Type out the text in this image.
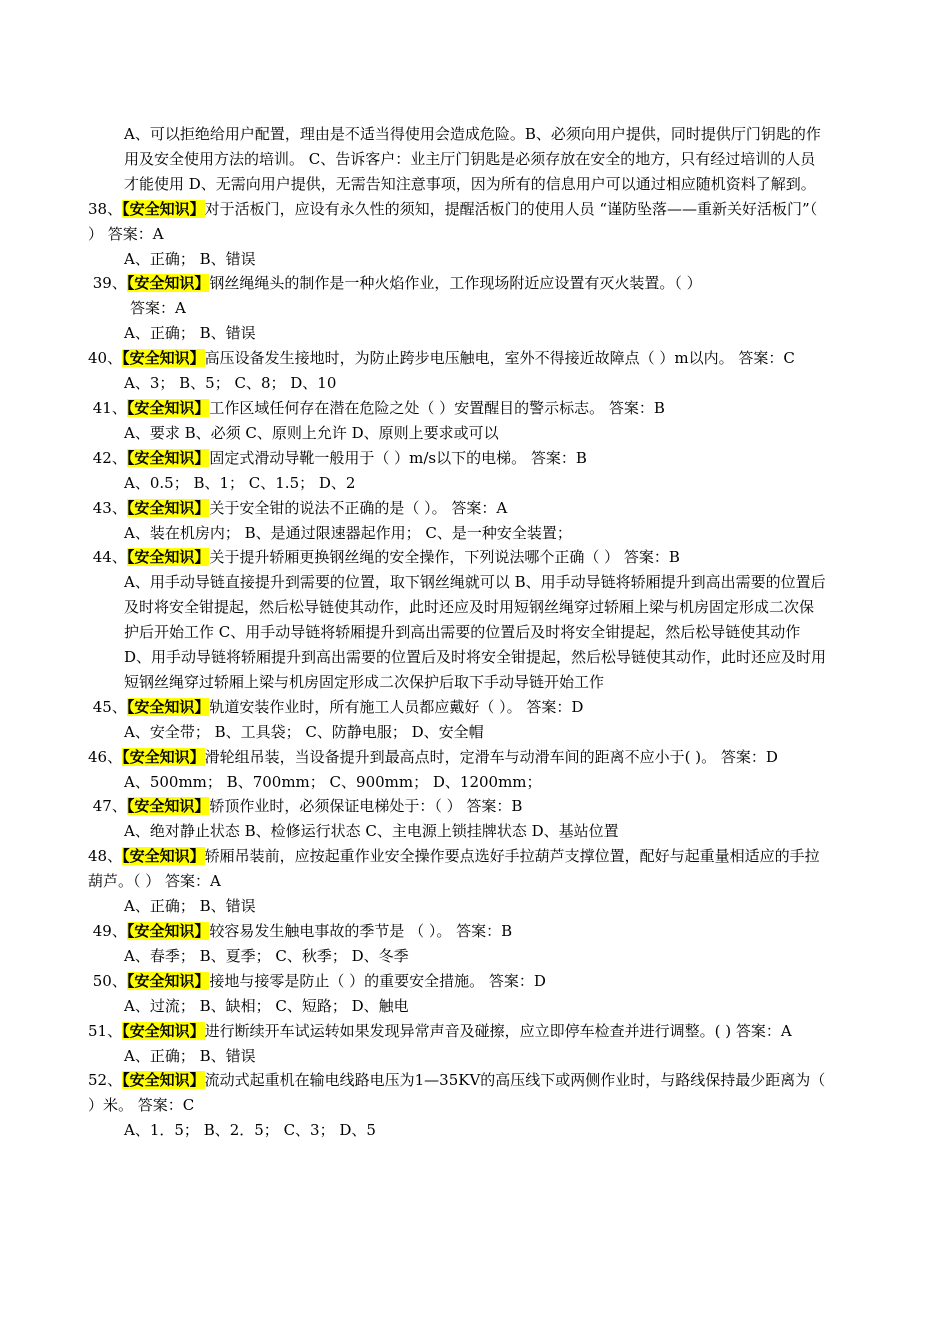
A、可以拒绝给用户配置，理由是不适当得使用会造成危险。B、必须向用户提供，同时提供厅门钥匙的作用及安全使用方法的培训。 C、告诉客户：业主厅门钥匙是必须存放在安全的地方，只有经过培训的人员才能使用 D、无需向用户提供，无需告知注意事项，因为所有的信息用户可以通过相应随机资料了解到。

38、【安全知识】对于活板门，应设有永久性的须知，提醒活板门的使用人员 “谨防坠落——重新关好活板门”（ ） 答案：A
A、正确； B、错误
39、【安全知识】钢丝绳绳头的制作是一种火焰作业，工作现场附近应设置有灭火装置。（ ）
答案：A
A、正确； B、错误
40、【安全知识】高压设备发生接地时，为防止跨步电压触电，室外不得接近故障点（ ）m以内。 答案：C
A、3； B、5； C、8； D、10
41、【安全知识】工作区域任何存在潜在危险之处（ ）安置醒目的警示标志。 答案：B
A、要求 B、必须 C、原则上允许 D、原则上要求或可以
42、【安全知识】固定式滑动导靴一般用于（ ）m/s以下的电梯。 答案：B
A、0.5； B、1； C、1.5； D、2
43、【安全知识】关于安全钳的说法不正确的是（ ）。 答案：A
A、装在机房内； B、是通过限速器起作用； C、是一种安全装置；
44、【安全知识】关于提升轿厢更换钢丝绳的安全操作，下列说法哪个正确（ ） 答案：B
A、用手动导链直接提升到需要的位置，取下钢丝绳就可以 B、用手动导链将轿厢提升到高出需要的位置后及时将安全钳提起，然后松导链使其动作，此时还应及时用短钢丝绳穿过轿厢上梁与机房固定形成二次保护后开始工作 C、用手动导链将轿厢提升到高出需要的位置后及时将安全钳提起，然后松导链使其动作 D、用手动导链将轿厢提升到高出需要的位置后及时将安全钳提起，然后松导链使其动作，此时还应及时用短钢丝绳穿过轿厢上梁与机房固定形成二次保护后取下手动导链开始工作
45、【安全知识】轨道安装作业时，所有施工人员都应戴好（ ）。 答案：D
A、安全带； B、工具袋； C、防静电服； D、安全帽
46、【安全知识】滑轮组吊装，当设备提升到最高点时，定滑车与动滑车间的距离不应小于( )。 答案：D
A、500mm； B、700mm； C、900mm； D、1200mm；
47、【安全知识】轿顶作业时，必须保证电梯处于：（ ） 答案：B
A、绝对静止状态 B、检修运行状态 C、主电源上锁挂牌状态 D、基站位置
48、【安全知识】轿厢吊装前，应按起重作业安全操作要点选好手拉葫芦支撑位置，配好与起重量相适应的手拉葫芦。（ ） 答案：A
A、正确； B、错误
49、【安全知识】较容易发生触电事故的季节是 （ ）。 答案：B
A、春季； B、夏季； C、秋季； D、冬季
50、【安全知识】接地与接零是防止（ ）的重要安全措施。 答案：D
A、过流； B、缺相； C、短路； D、触电
51、【安全知识】进行断续开车试运转如果发现异常声音及碰擦，应立即停车检查并进行调整。( ) 答案：A
A、正确； B、错误
52、【安全知识】流动式起重机在输电线路电压为1—35KV的高压线下或两侧作业时，与路线保持最少距离为（ ）米。 答案：C
A、1．5； B、2．5； C、3； D、5
